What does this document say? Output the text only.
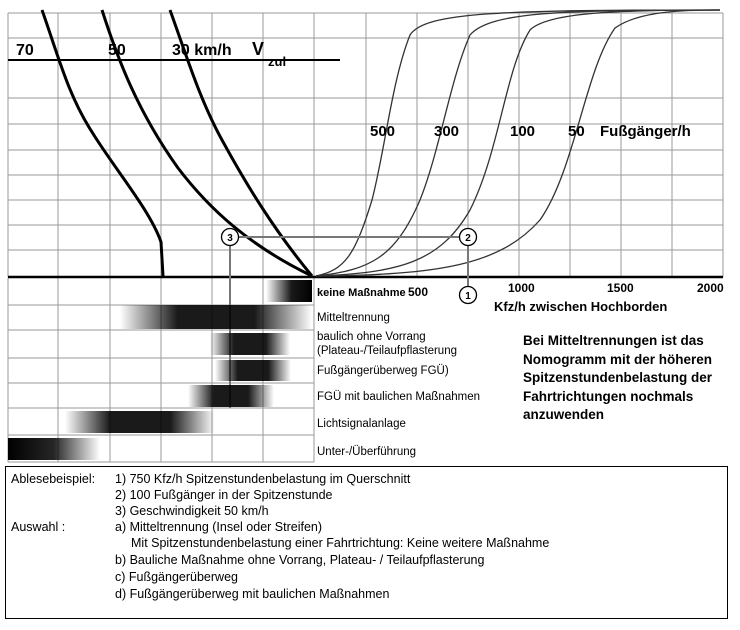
3	2
1
70	50	30 km/h V
zul
500	300	100 50 Fußgänger/h
500	1000	1500	2000
Kfz/h zwischen Hochborden
keine Maßnahme
Mitteltrennung
baulich ohne Vorrang
(Plateau-/Teilaufpflasterung
Fußgängerüberweg FGÜ)
FGÜ mit baulichen Maßnahmen
Lichtsignalanlage
Unter-/Überführung
Bei Mitteltrennungen ist das
Nomogramm mit der höheren
Spitzenstundenbelastung der
Fahrtrichtungen nochmals
anzuwenden
Ablesebeispiel: 1) 750 Kfz/h Spitzenstundenbelastung im Querschnitt
2) 100 Fußgänger in der Spitzenstunde
3) Geschwindigkeit 50 km/h
Auswahl :	a) Mitteltrennung (Insel oder Streifen)
Mit Spitzenstundenbelastung einer Fahrtrichtung: Keine weitere Maßnahme
b) Bauliche Maßnahme ohne Vorrang, Plateau- / Teilaufpflasterung
c) Fußgängerüberweg
d) Fußgängerüberweg mit baulichen Maßnahmen
